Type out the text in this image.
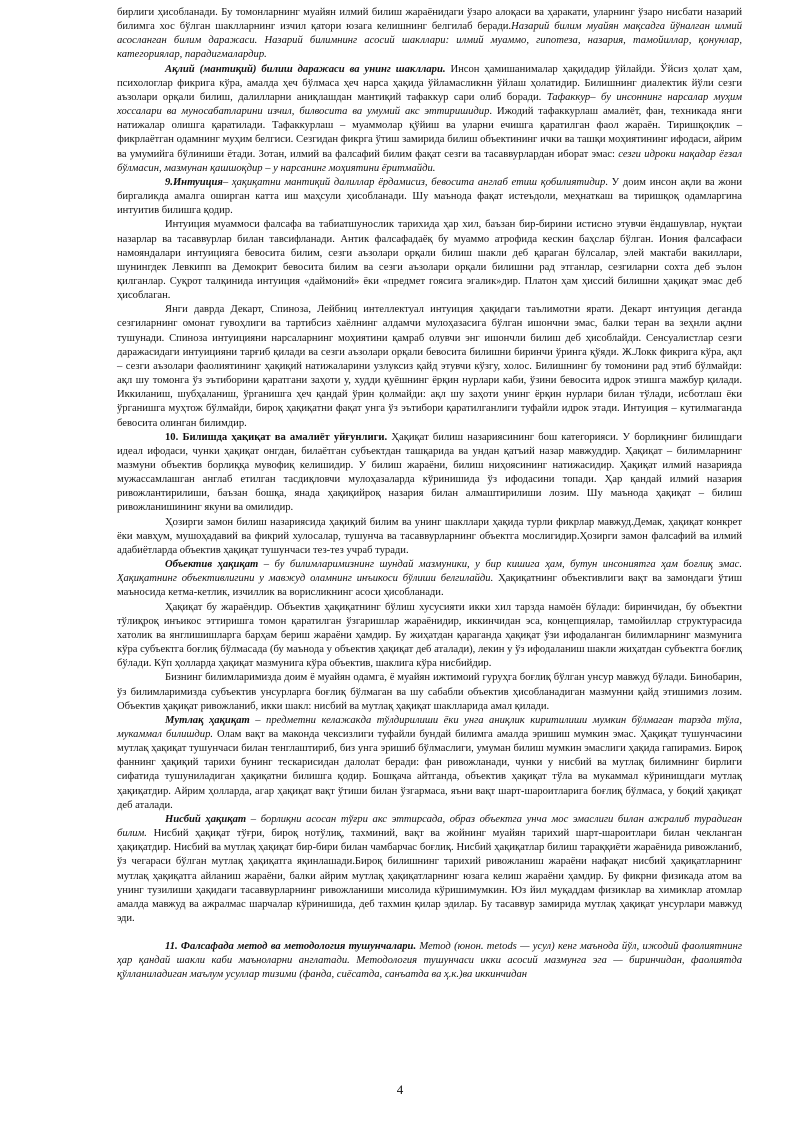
бирлиги ҳисобланади. Бу томонларнинг муайян илмий билиш жараёнидаги ўзаро алоқаси ва ҳаракати, уларнинг ўзаро нисбати назарий билимга хос бўлган шаклларнинг изчил қатори юзага келишнинг белгилаб беради.Назарий билим муайян мақсадга йўналган илмий асосланган билим даражаси. Назарий билимнинг асосий шакллари: илмий муаммо, гипотеза, назария, тамойиллар, қонунлар, категориялар, парадигмалардир.

Ақлий (мантиқий) билиш даражаси ва унинг шакллари. Инсон ҳамишанималар ҳақидадир ўйлайди. Ўйсиз ҳолат ҳам, психологлар фикрига кўра, амалда ҳеч бўлмаса ҳеч нарса ҳақида ўйламасликнн ўйлаш ҳолатидир. Билишнинг диалектик йўли сезги аъзолари орқали билиш, далилларни аниқлашдан мантиқий тафаккур сари олиб боради. Тафаккур– бу инсоннинг нарсалар муҳим хоссалари ва муносабатларини изчил, билвосита ва умумий акс эттиришидир. Ижодий тафаккурлаш амалиёт, фан, техникада янги натижалар олишга қаратилади. Тафаккурлаш – муаммолар қўйиш ва уларни ечишга қаратилган фаол жараён. Тиришқоқлик – фикрлаётган одамнинг муҳим белгиси. Сезгидан фикрга ўтиш замирида билиш объектининг ички ва ташқи моҳиятининг ифодаси, айрим ва умумийга бўлиниши ётади. Зотан, илмий ва фалсафий билим фақат сезги ва тасаввурлардан иборат эмас: сезги идроки нақадар ёғзал бўлмасин, мазмунан қашшоқдир – у нарсанинг моҳиятини ёритмайди.

9.Интуиция– ҳақиқатни мантиқий далиллар ёрдамисиз, бевосита англаб етиш қобилиятидир. У доим инсон ақли ва жони биргаликда амалга оширган катта иш маҳсули ҳисобланади. Шу маънода фақат истеъдоли, меҳнаткаш ва тиришқоқ одамларгина интуитив билишга қодир.

Интуиция муаммоси фалсафа ва табиатшунослик тарихида ҳар хил, баъзан бир-бирини истисно этувчи ёндашувлар, нуқтаи назарлар ва тасаввурлар билан тавсифланади. Антик фалсафадаёқ бу муаммо атрофида кескин баҳслар бўлган. Иония фалсафаси намояндалари интуицияга бевосита билим, сезги аъзолари орқали билиш шакли деб қараган бўлсалар, элей мактаби вакиллари, шунингдек Левкипп ва Демокрит бевосита билим ва сезги аъзолари орқали билишни рад этганлар, сезгиларни сохта деб эълон қилганлар. Суқрот талқинида интуиция «даймоний» ёки «предмет гоясига эгалик»дир. Платон ҳам ҳиссий билишни ҳақиқат эмас деб ҳисоблаган.

Янги даврда Декарт, Спиноза, Лейбниц интеллектуал интуиция ҳақидаги таълимотни ярати. Декарт интуиция деганда сезгиларнинг омонат гувоҳлиги ва тартибсиз хаёлнинг алдамчи мулоҳазасига бўлган ишончни эмас, балки теран ва зеҳнли ақлни тушунади. Спиноза интуицияни нарсаларнинг моҳиятини қамраб олувчи энг ишончли билиш деб ҳисоблайди. Сенсуалистлар сезги даражасидаги интуицияни тарғиб қилади ва сезги аъзолари орқали бевосита билишни биринчи ўринга қўяди. Ж.Локк фикрига кўра, ақл – сезги аъзолари фаолиятининг ҳақиқий натижаларини узлуксиз қайд этувчи кўзгу, холос. Билишнинг бу томонини рад этиб бўлмайди: ақл шу томонга ўз эътиборини қаратгани заҳоти у, худди қуёшнинг ёрқин нурлари каби, ўзини бевосита идрок этишга мажбур қилади. Иккиланиш, шубҳаланиш, ўрганишга ҳеч қандай ўрин қолмайди: ақл шу заҳоти унинг ёрқин нурлари билан тўлади, исботлаш ёки ўрганишга муҳтож бўлмайди, бироқ ҳақиқатни фақат унга ўз эътибори қаратилганлиги туфайли идрок этади. Интуиция – кутилмаганда бевосита олинган билимдир.

10. Билишда ҳақиқат ва амалиёт уйғунлиги. Ҳақиқат билиш назариясининг бош категорияси. У борлиқнинг билишдаги идеал ифодаси, чунки ҳақиқат онгдан, билаётган субъектдан ташқарида ва ундан қатъий назар мавжуддир. Ҳақиқат – билимларнинг мазмуни объектив борлиққа мувофиқ келишидир. У билиш жараёни, билиш ниҳоясининг натижасидир. Ҳақиқат илмий назарияда мужассамлашган англаб етилган тасдиқловчи мулоҳазаларда кўринишида ўз ифодасини топади. Ҳар қандай илмий назария ривожлантирилиши, баъзан бошқа, янада ҳақиқийроқ назария билан алмаштирилиши лозим. Шу маънода ҳақиқат – билиш ривожланишининг якуни ва омилидир.

Ҳозирги замон билиш назариясида ҳақиқий билим ва унинг шакллари ҳақида турли фикрлар мавжуд.Демак, ҳақиқат конкрет ёки мавҳум, мушоҳадавий ва фикрий хулосалар, тушунча ва тасаввурларнинг объектга мослигидир.Ҳозирги замон фалсафий ва илмий адабиётларда объектив ҳақиқат тушунчаси тез-тез учраб туради.

Объектив ҳақиқат – бу билимларимизнинг шундай мазмуники, у бир кишига ҳам, бутун инсониятга ҳам боғлиқ эмас. Ҳақиқатнинг объективлигини у мавжуд оламнинг инъикоси бўлиши белгилайди. Ҳақиқатнинг объективлиги вақт ва замондаги ўтиш маъносида кетма-кетлик, изчиллик ва ворисликнинг асоси ҳисобланади.

Ҳақиқат бу жараёндир. Объектив ҳақиқатнинг бўлиш хусусияти икки хил тарзда намоён бўлади: биринчидан, бу объектни тўлиқроқ инъикос эттиришга томон қаратилган ўзгаришлар жараёнидир, иккинчидан эса, концепциялар, тамойиллар структурасида хатолик ва янглишишларга барҳам бериш жараёни ҳамдир. Бу жиҳатдан қараганда ҳақиқат ўзи ифодаланган билимларнинг мазмунига кўра субъектга боғлиқ бўлмасада (бу маънода у объектив ҳақиқат деб аталади), лекин у ўз ифодаланиш шакли жиҳатдан субъектга боғлиқ бўлади. Кўп ҳолларда ҳақиқат мазмунига кўра объектив, шаклига кўра нисбийдир.

Бизнинг билимларимизда доим ё муайян одамга, ё муайян ижтимоий гуруҳга боғлиқ бўлган унсур мавжуд бўлади. Бинобарин, ўз билимларимизда субъектив унсурларга боғлиқ бўлмаган ва шу сабабли объектив ҳисобланадиган мазмунни қайд этишимиз лозим. Объектив ҳақиқат ривожланиб, икки шакл: нисбий ва мутлақ ҳақиқат шаклларида амал қилади.

Мутлақ ҳақиқат – предметни келажакда тўлдирилиши ёки унга аниқлик киритилиши мумкин бўлмаган тарзда тўла, мукаммал билишдир. Олам вақт ва маконда чексизлиги туфайли бундай билимга амалда эришиш мумкин эмас. Ҳақиқат тушунчасини мутлақ ҳақиқат тушунчаси билан тенглаштириб, биз унга эришиб бўлмаслиги, умуман билиш мумкин эмаслиги ҳақида гапирамиз. Бироқ фаннинг ҳақиқий тарихи бунинг тескарисидан далолат беради: фан ривожланади, чунки у нисбий ва мутлақ билимнинг бирлиги сифатида тушуниладиган ҳақиқатни билишга қодир. Бошқача айтганда, объектив ҳақиқат тўла ва мукаммал кўринишдаги мутлақ ҳақиқатдир. Айрим ҳолларда, агар ҳақиқат вақт ўтиши билан ўзгармаса, яъни вақт шарт-шароитларига боғлиқ бўлмаса, у боқий ҳақиқат деб аталади.

Нисбий ҳақиқат – борлиқни асосан тўғри акс эттирсада, образ объектга унча мос эмаслиги билан ажралиб турадиган билим. Нисбий ҳақиқат тўғри, бироқ нотўлиқ, тахминий, вақт ва жойнинг муайян тарихий шарт-шароитлари билан чекланган ҳақиқатдир. Нисбий ва мутлақ ҳақиқат бир-бири билан чамбарчас боғлиқ. Нисбий ҳақиқатлар билиш тараққиёти жараёнида ривожланиб, ўз чегараси бўлган мутлақ ҳақиқатга яқинлашади.Бироқ билишнинг тарихий ривожланиш жараёни нафақат нисбий ҳақиқатларнинг мутлақ ҳақиқатга айланиш жараёни, балки айрим мутлақ ҳақиқатларнинг юзага келиш жараёни ҳамдир. Бу фикрни физикада атом ва унинг тузилиши ҳақидаги тасаввурларнинг ривожланиши мисолида кўришимумкин. Юз йил муқаддам физиклар ва химиклар атомлар амалда мавжуд ва ажралмас шарчалар кўринишида, деб тахмин қилар эдилар. Бу тасаввур замирида мутлақ ҳақиқат унсурлари мавжуд эди.

11. Фалсафада метод ва методология тушунчалари. Метод (юнон. metods — усул) кенг маънода йўл, ижодий фаолиятнинг ҳар қандай шакли каби маъноларни англатади. Методология тушунчаси икки асосий мазмунга эга — биринчидан, фаолиятда қўлланиладиган маълум усуллар тизими (фанда, сиёсатда, санъатда ва ҳ.к.)ва иккинчидан

4
